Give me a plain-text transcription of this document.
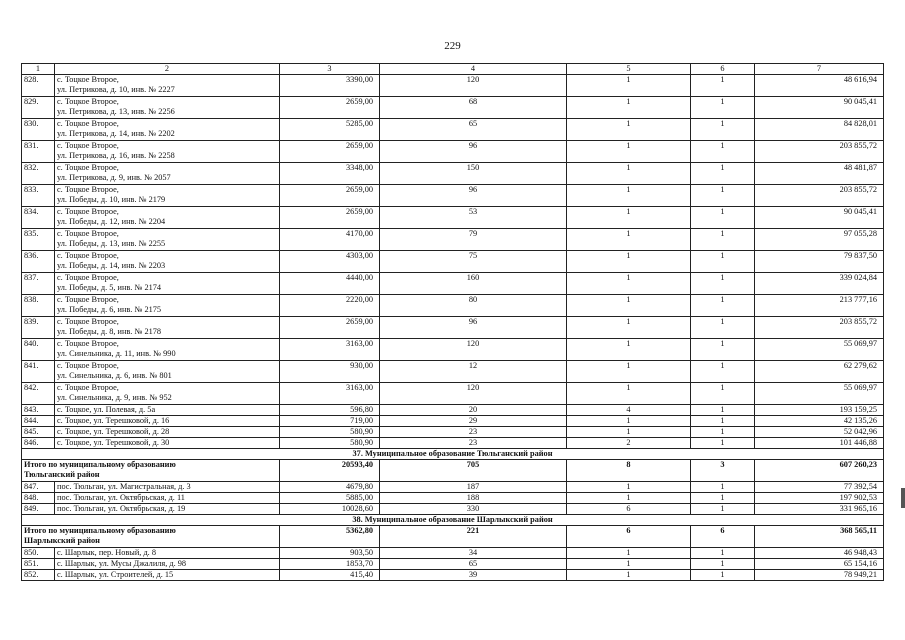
229
1	2	3	4	5	6	7
828.	с. Тоцкое Второе,
ул. Петрикова, д. 10, инв. № 2227	3390,00	120	1	1	48 616,94
829.	с. Тоцкое Второе,
ул. Петрикова, д. 13, инв. № 2256	2659,00	68	1	1	90 045,41
830.	с. Тоцкое Второе,
ул. Петрикова, д. 14, инв. № 2202	5285,00	65	1	1	84 828,01
831.	с. Тоцкое Второе,
ул. Петрикова, д. 16, инв. № 2258	2659,00	96	1	1	203 855,72
832.	с. Тоцкое Второе,
ул. Петрикова, д. 9, инв. № 2057	3348,00	150	1	1	48 481,87
833.	с. Тоцкое Второе,
ул. Победы, д. 10, инв. № 2179	2659,00	96	1	1	203 855,72
834.	с. Тоцкое Второе,
ул. Победы, д. 12, инв. № 2204	2659,00	53	1	1	90 045,41
835.	с. Тоцкое Второе,
ул. Победы, д. 13, инв. № 2255	4170,00	79	1	1	97 055,28
836.	с. Тоцкое Второе,
ул. Победы, д. 14, инв. № 2203	4303,00	75	1	1	79 837,50
837.	с. Тоцкое Второе,
ул. Победы, д. 5, инв. № 2174	4440,00	160	1	1	339 024,84
838.	с. Тоцкое Второе,
ул. Победы, д. 6, инв. № 2175	2220,00	80	1	1	213 777,16
839.	с. Тоцкое Второе,
ул. Победы, д. 8, инв. № 2178	2659,00	96	1	1	203 855,72
840.	с. Тоцкое Второе,
ул. Синельника, д. 11, инв. № 990	3163,00	120	1	1	55 069,97
841.	с. Тоцкое Второе,
ул. Синельника, д. 6, инв. № 801	930,00	12	1	1	62 279,62
842.	с. Тоцкое Второе,
ул. Синельника, д. 9, инв. № 952	3163,00	120	1	1	55 069,97
843.	с. Тоцкое, ул. Полевая, д. 5а	596,80	20	4	1	193 159,25
844.	с. Тоцкое, ул. Терешковой, д. 16	719,00	29	1	1	42 135,26
845.	с. Тоцкое, ул. Терешковой, д. 28	580,90	23	1	1	52 042,96
846.	с. Тоцкое, ул. Терешковой, д. 30	580,90	23	2	1	101 446,88
37. Муниципальное образование Тюльганский район						

Итого по муниципальному образованию
Тюльганский район		20593,40	705	8	3	607 260,23
847.	пос. Тюльган, ул. Магистральная, д. 3	4679,80	187	1	1	77 392,54
848.	пос. Тюльган, ул. Октябрьская, д. 11	5885,00	188	1	1	197 902,53
849.	пос. Тюльган, ул. Октябрьская, д. 19	10028,60	330	6	1	331 965,16
38. Муниципальное образование Шарлыкский район						

Итого по муниципальному образованию
Шарлыкский район		5362,80	221	6	6	368 565,11
850.	с. Шарлык, пер. Новый, д. 8	903,50	34	1	1	46 948,43
851.	с. Шарлык, ул. Мусы Джалиля, д. 98	1853,70	65	1	1	65 154,16
852.	с. Шарлык, ул. Строителей, д. 15	415,40	39	1	1	78 949,21
